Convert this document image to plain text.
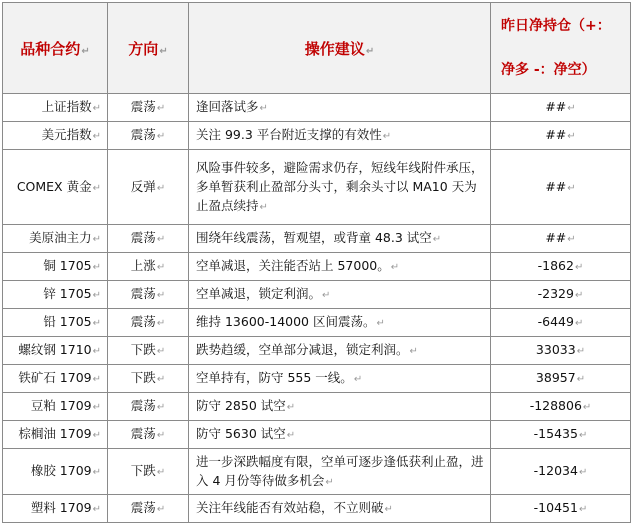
品种合约↵	方向↵	操作建议↵	昨日净持仓（+：
净多 -：净空）

上证指数↵	震荡↵	逢回落试多↵	##↵
美元指数↵	震荡↵	关注 99.3 平台附近支撑的有效性↵	##↵
COMEX 黄金↵	反弹↵	风险事件较多，避险需求仍存，短线年线附件承压，多单暂获利止盈部分头寸，剩余头寸以 MA10 天为止盈点续持↵	##↵
美原油主力↵	震荡↵	围绕年线震荡，暂观望，或背童 48.3 试空↵	##↵
铜 1705↵	上涨↵	空单减退，关注能否站上 57000。↵	-1862↵
锌 1705↵	震荡↵	空单减退，锁定利润。↵	-2329↵
铅 1705↵	震荡↵	维持 13600-14000 区间震荡。↵	-6449↵
螺纹钢 1710↵	下跌↵	跌势趋缓，空单部分减退，锁定利润。↵	33033↵
铁矿石 1709↵	下跌↵	空单持有，防守 555 一线。↵	38957↵
豆粕 1709↵	震荡↵	防守 2850 试空↵	-128806↵
棕榈油 1709↵	震荡↵	防守 5630 试空↵	-15435↵
橡胶 1709↵	下跌↵	进一步深跌幅度有限，空单可逐步逢低获利止盈，进入 4 月份等待做多机会↵	-12034↵
塑料 1709↵	震荡↵	关注年线能否有效站稳，不立则破↵	-10451↵
